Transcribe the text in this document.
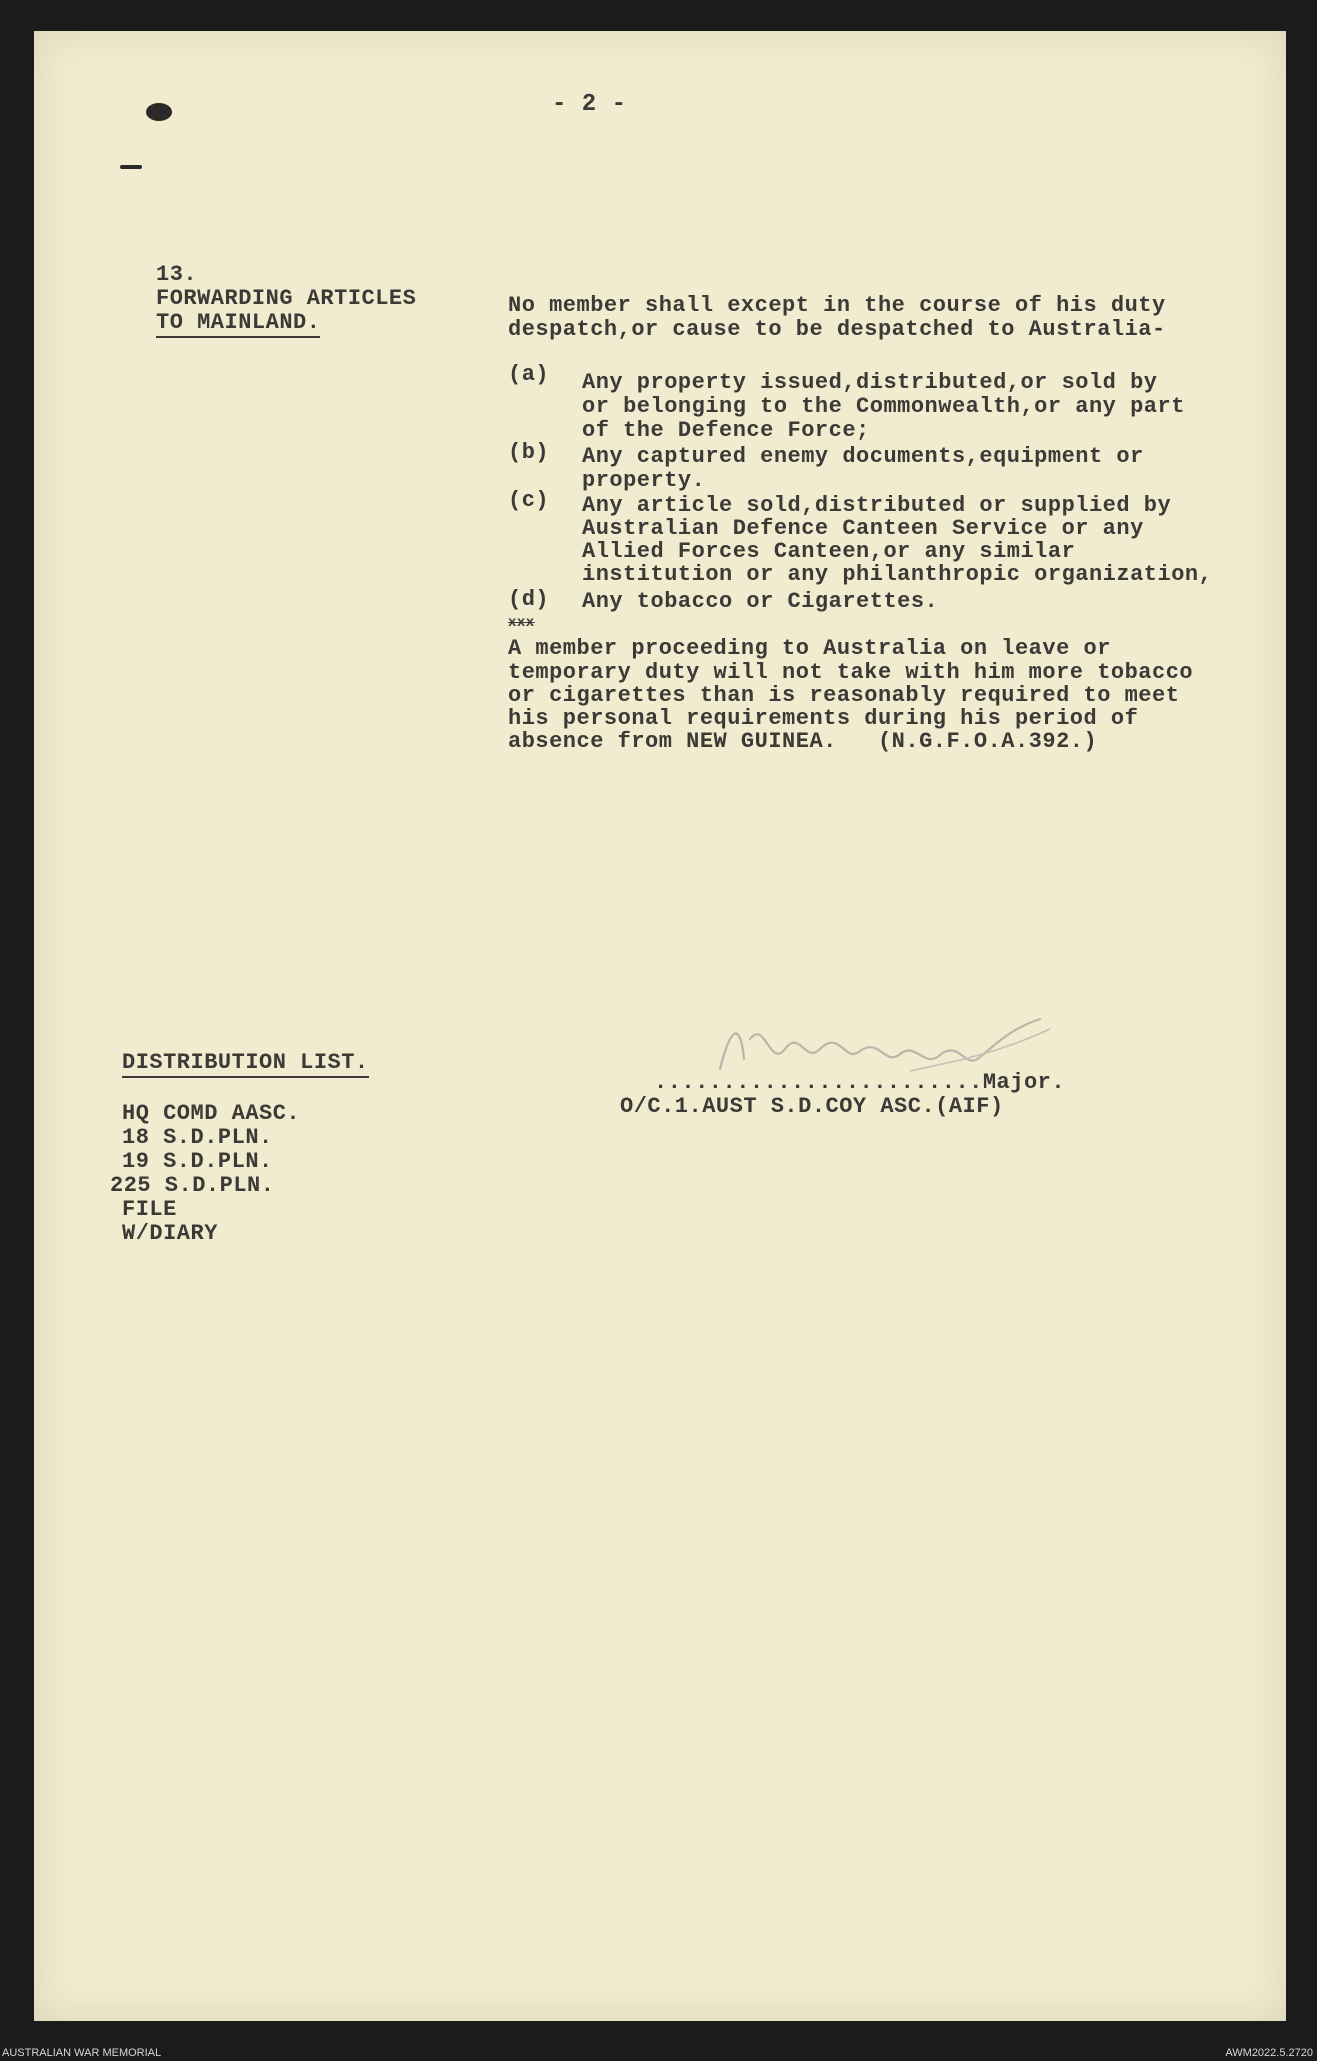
- 2 -
13.
FORWARDING ARTICLES
TO MAINLAND.
No member shall except in the course of his duty
despatch,or cause to be despatched to Australia-
(a) Any property issued,distributed,or sold by
or belonging to the Commonwealth,or any part
of the Defence Force;
(b) Any captured enemy documents,equipment or
property.
(c) Any article sold,distributed or supplied by
Australian Defence Canteen Service or any
Allied Forces Canteen,or any similar
institution or any philanthropic organization,
(d) Any tobacco or Cigarettes.
xxx
A member proceeding to Australia on leave or
temporary duty will not take with him more tobacco
or cigarettes than is reasonably required to meet
his personal requirements during his period of
absence from NEW GUINEA.   (N.G.F.O.A.392.)
DISTRIBUTION LIST.
HQ COMD AASC.
18 S.D.PLN.
19 S.D.PLN.
225 S.D.PLN.
FILE
W/DIARY
........................Major.
O/C.1.AUST S.D.COY ASC.(AIF)
AUSTRALIAN WAR MEMORIAL	AWM2022.5.2720
